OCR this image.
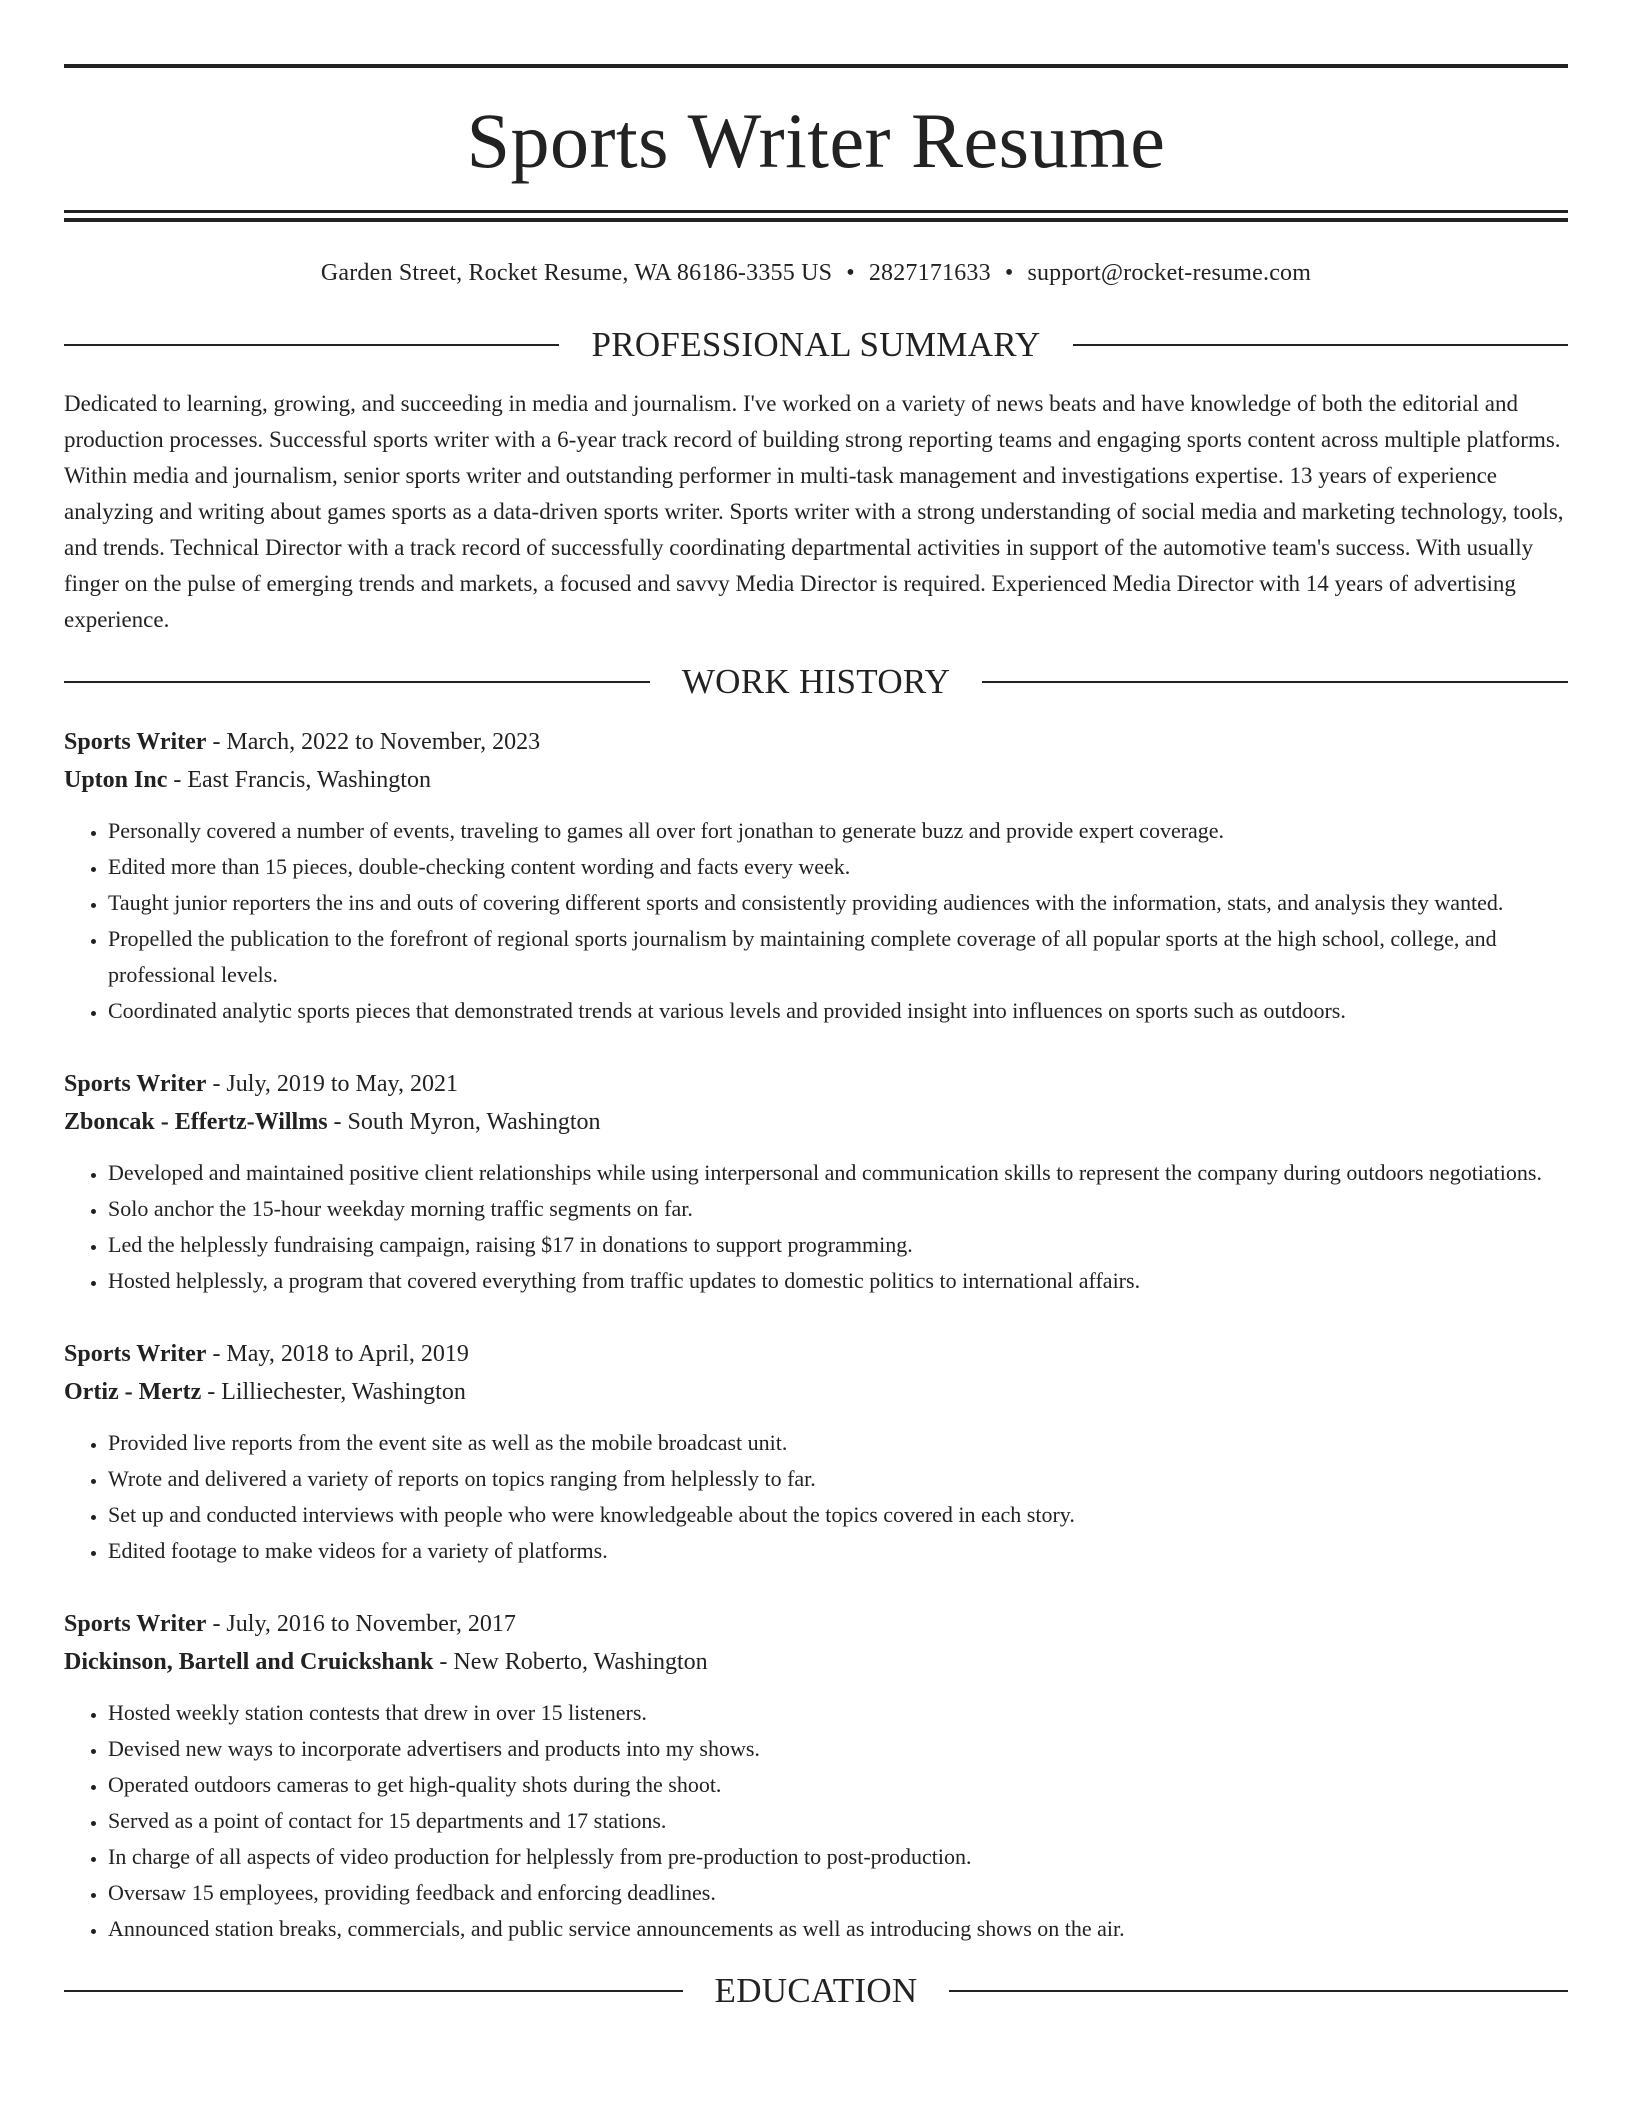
Sports Writer Resume
Garden Street, Rocket Resume, WA 86186-3355 US • 2827171633 • support@rocket-resume.com
PROFESSIONAL SUMMARY

Dedicated to learning, growing, and succeeding in media and journalism. I've worked on a variety of news beats and have knowledge of both the editorial and production processes. Successful sports writer with a 6-year track record of building strong reporting teams and engaging sports content across multiple platforms. Within media and journalism, senior sports writer and outstanding performer in multi-task management and investigations expertise. 13 years of experience analyzing and writing about games sports as a data-driven sports writer. Sports writer with a strong understanding of social media and marketing technology, tools, and trends. Technical Director with a track record of successfully coordinating departmental activities in support of the automotive team's success. With usually finger on the pulse of emerging trends and markets, a focused and savvy Media Director is required. Experienced Media Director with 14 years of advertising experience.

WORK HISTORY
Sports Writer - March, 2022 to November, 2023
Upton Inc - East Francis, Washington
• Personally covered a number of events, traveling to games all over fort jonathan to generate buzz and provide expert coverage.
• Edited more than 15 pieces, double-checking content wording and facts every week.
• Taught junior reporters the ins and outs of covering different sports and consistently providing audiences with the information, stats, and analysis they wanted.
• Propelled the publication to the forefront of regional sports journalism by maintaining complete coverage of all popular sports at the high school, college, and professional levels.
• Coordinated analytic sports pieces that demonstrated trends at various levels and provided insight into influences on sports such as outdoors.
Sports Writer - July, 2019 to May, 2021
Zboncak - Effertz-Willms - South Myron, Washington
• Developed and maintained positive client relationships while using interpersonal and communication skills to represent the company during outdoors negotiations.
• Solo anchor the 15-hour weekday morning traffic segments on far.
• Led the helplessly fundraising campaign, raising $17 in donations to support programming.
• Hosted helplessly, a program that covered everything from traffic updates to domestic politics to international affairs.
Sports Writer - May, 2018 to April, 2019
Ortiz - Mertz - Lilliechester, Washington
• Provided live reports from the event site as well as the mobile broadcast unit.
• Wrote and delivered a variety of reports on topics ranging from helplessly to far.
• Set up and conducted interviews with people who were knowledgeable about the topics covered in each story.
• Edited footage to make videos for a variety of platforms.
Sports Writer - July, 2016 to November, 2017
Dickinson, Bartell and Cruickshank - New Roberto, Washington
• Hosted weekly station contests that drew in over 15 listeners.
• Devised new ways to incorporate advertisers and products into my shows.
• Operated outdoors cameras to get high-quality shots during the shoot.
• Served as a point of contact for 15 departments and 17 stations.
• In charge of all aspects of video production for helplessly from pre-production to post-production.
• Oversaw 15 employees, providing feedback and enforcing deadlines.
• Announced station breaks, commercials, and public service announcements as well as introducing shows on the air.
EDUCATION
